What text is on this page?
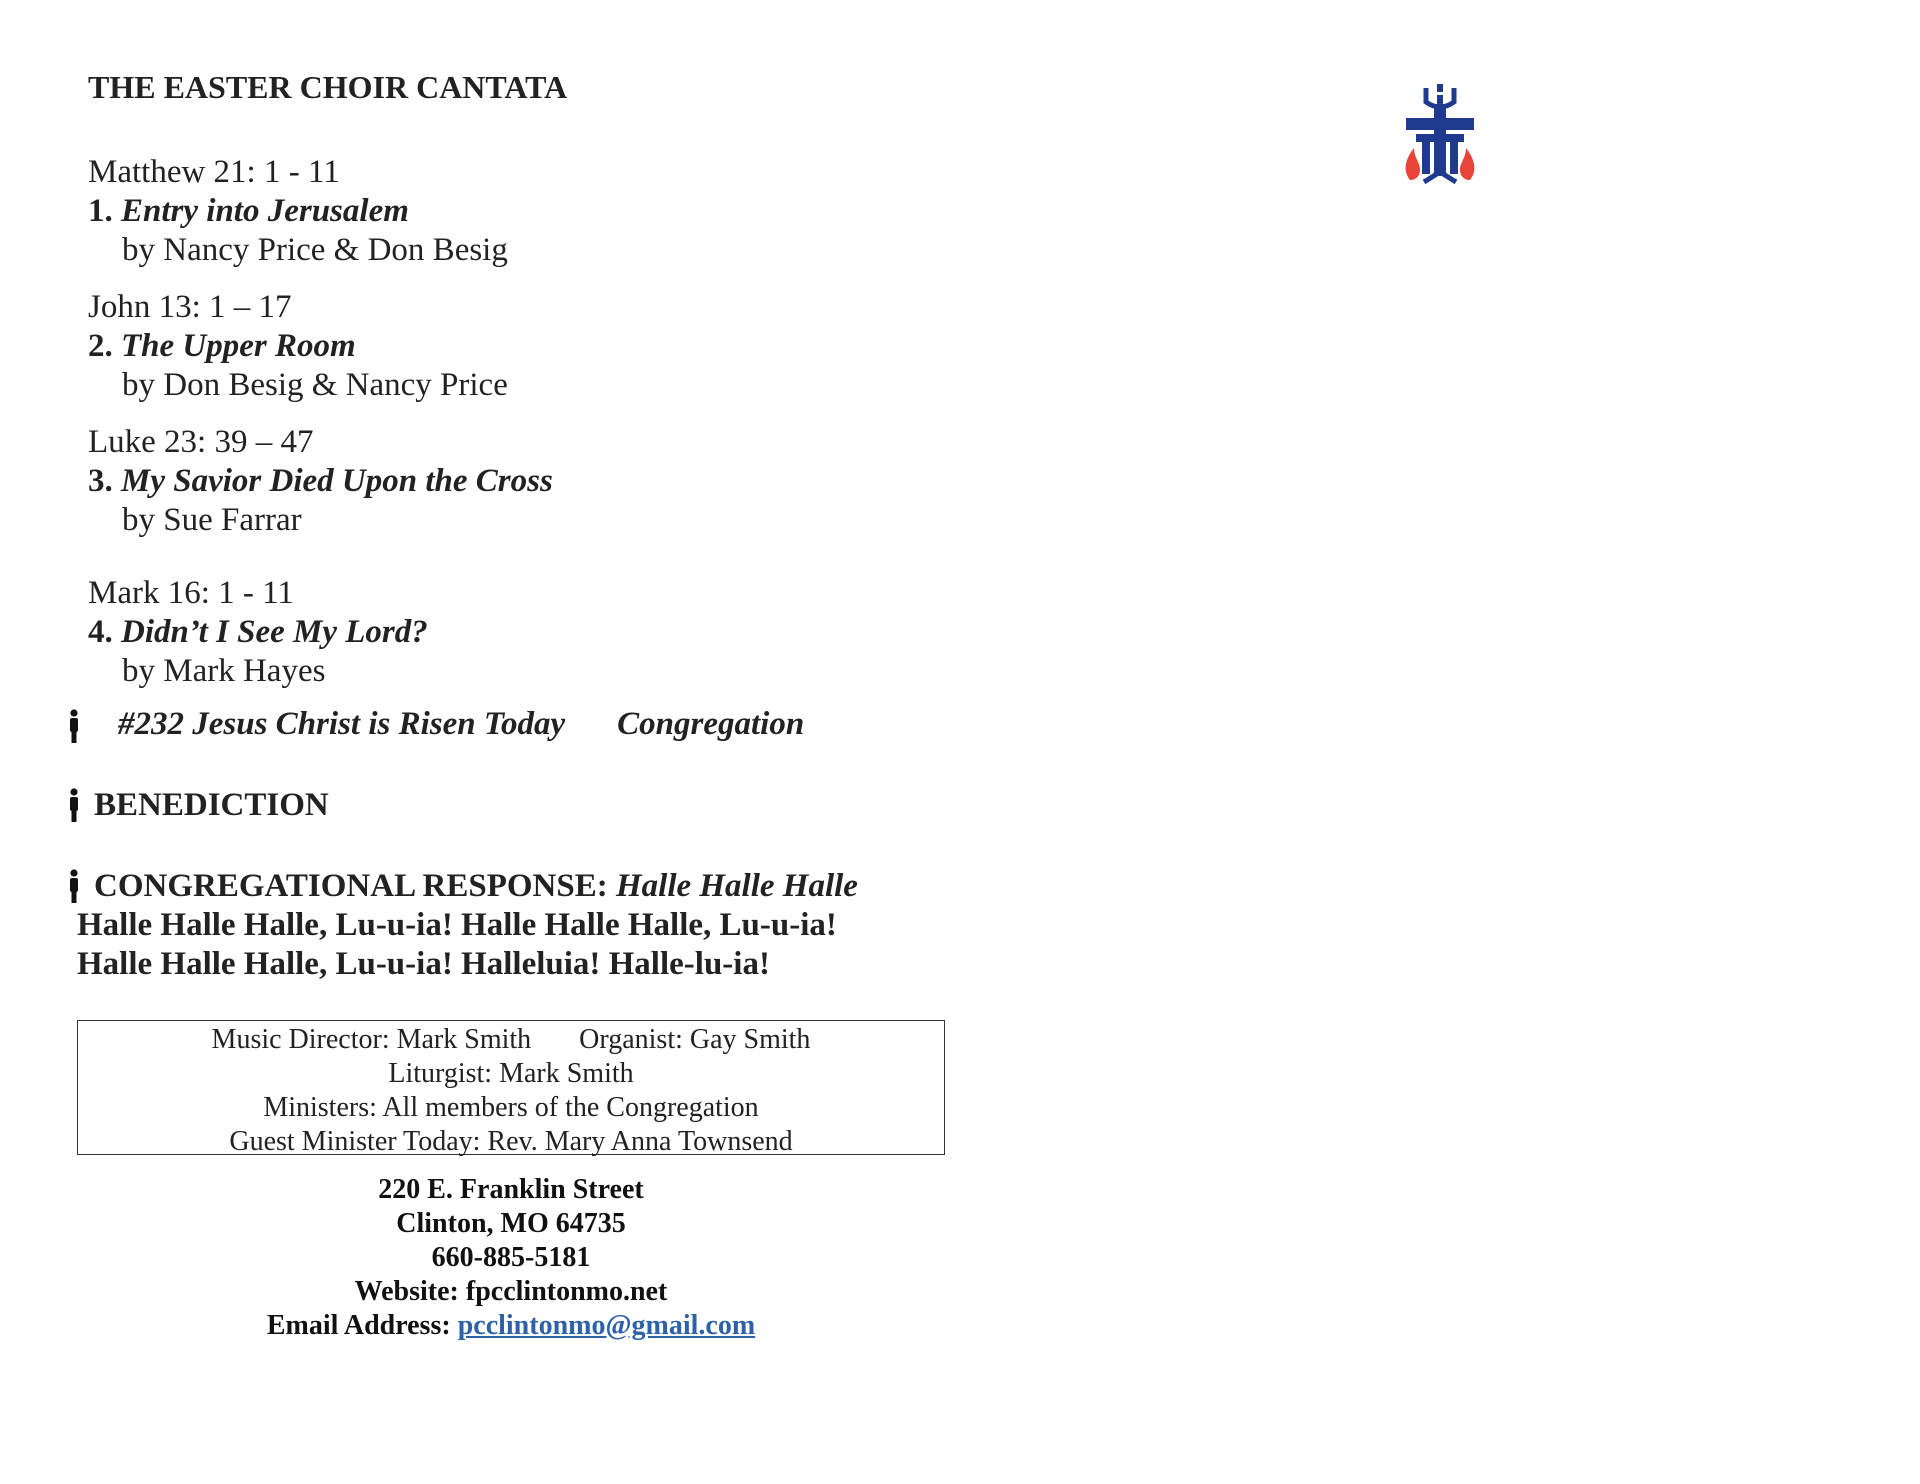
THE EASTER CHOIR CANTATA
Matthew 21: 1 - 11
1. Entry into Jerusalem
by Nancy Price & Don Besig
John 13: 1 – 17
2. The Upper Room
by Don Besig & Nancy Price
Luke 23: 39 – 47
3. My Savior Died Upon the Cross
by Sue Farrar
Mark 16: 1 - 11
4. Didn’t I See My Lord?
by Mark Hayes
#232 Jesus Christ is Risen Today Congregation
BENEDICTION
CONGREGATIONAL RESPONSE: Halle Halle Halle
Halle Halle Halle, Lu-u-ia! Halle Halle Halle, Lu-u-ia!
Halle Halle Halle, Lu-u-ia! Halleluia! Halle-lu-ia!
Music Director: Mark Smith Organist: Gay Smith
Liturgist: Mark Smith
Ministers: All members of the Congregation
Guest Minister Today: Rev. Mary Anna Townsend
220 E. Franklin Street
Clinton, MO 64735
660-885-5181
Website: fpcclintonmo.net
Email Address: pcclintonmo@gmail.com
